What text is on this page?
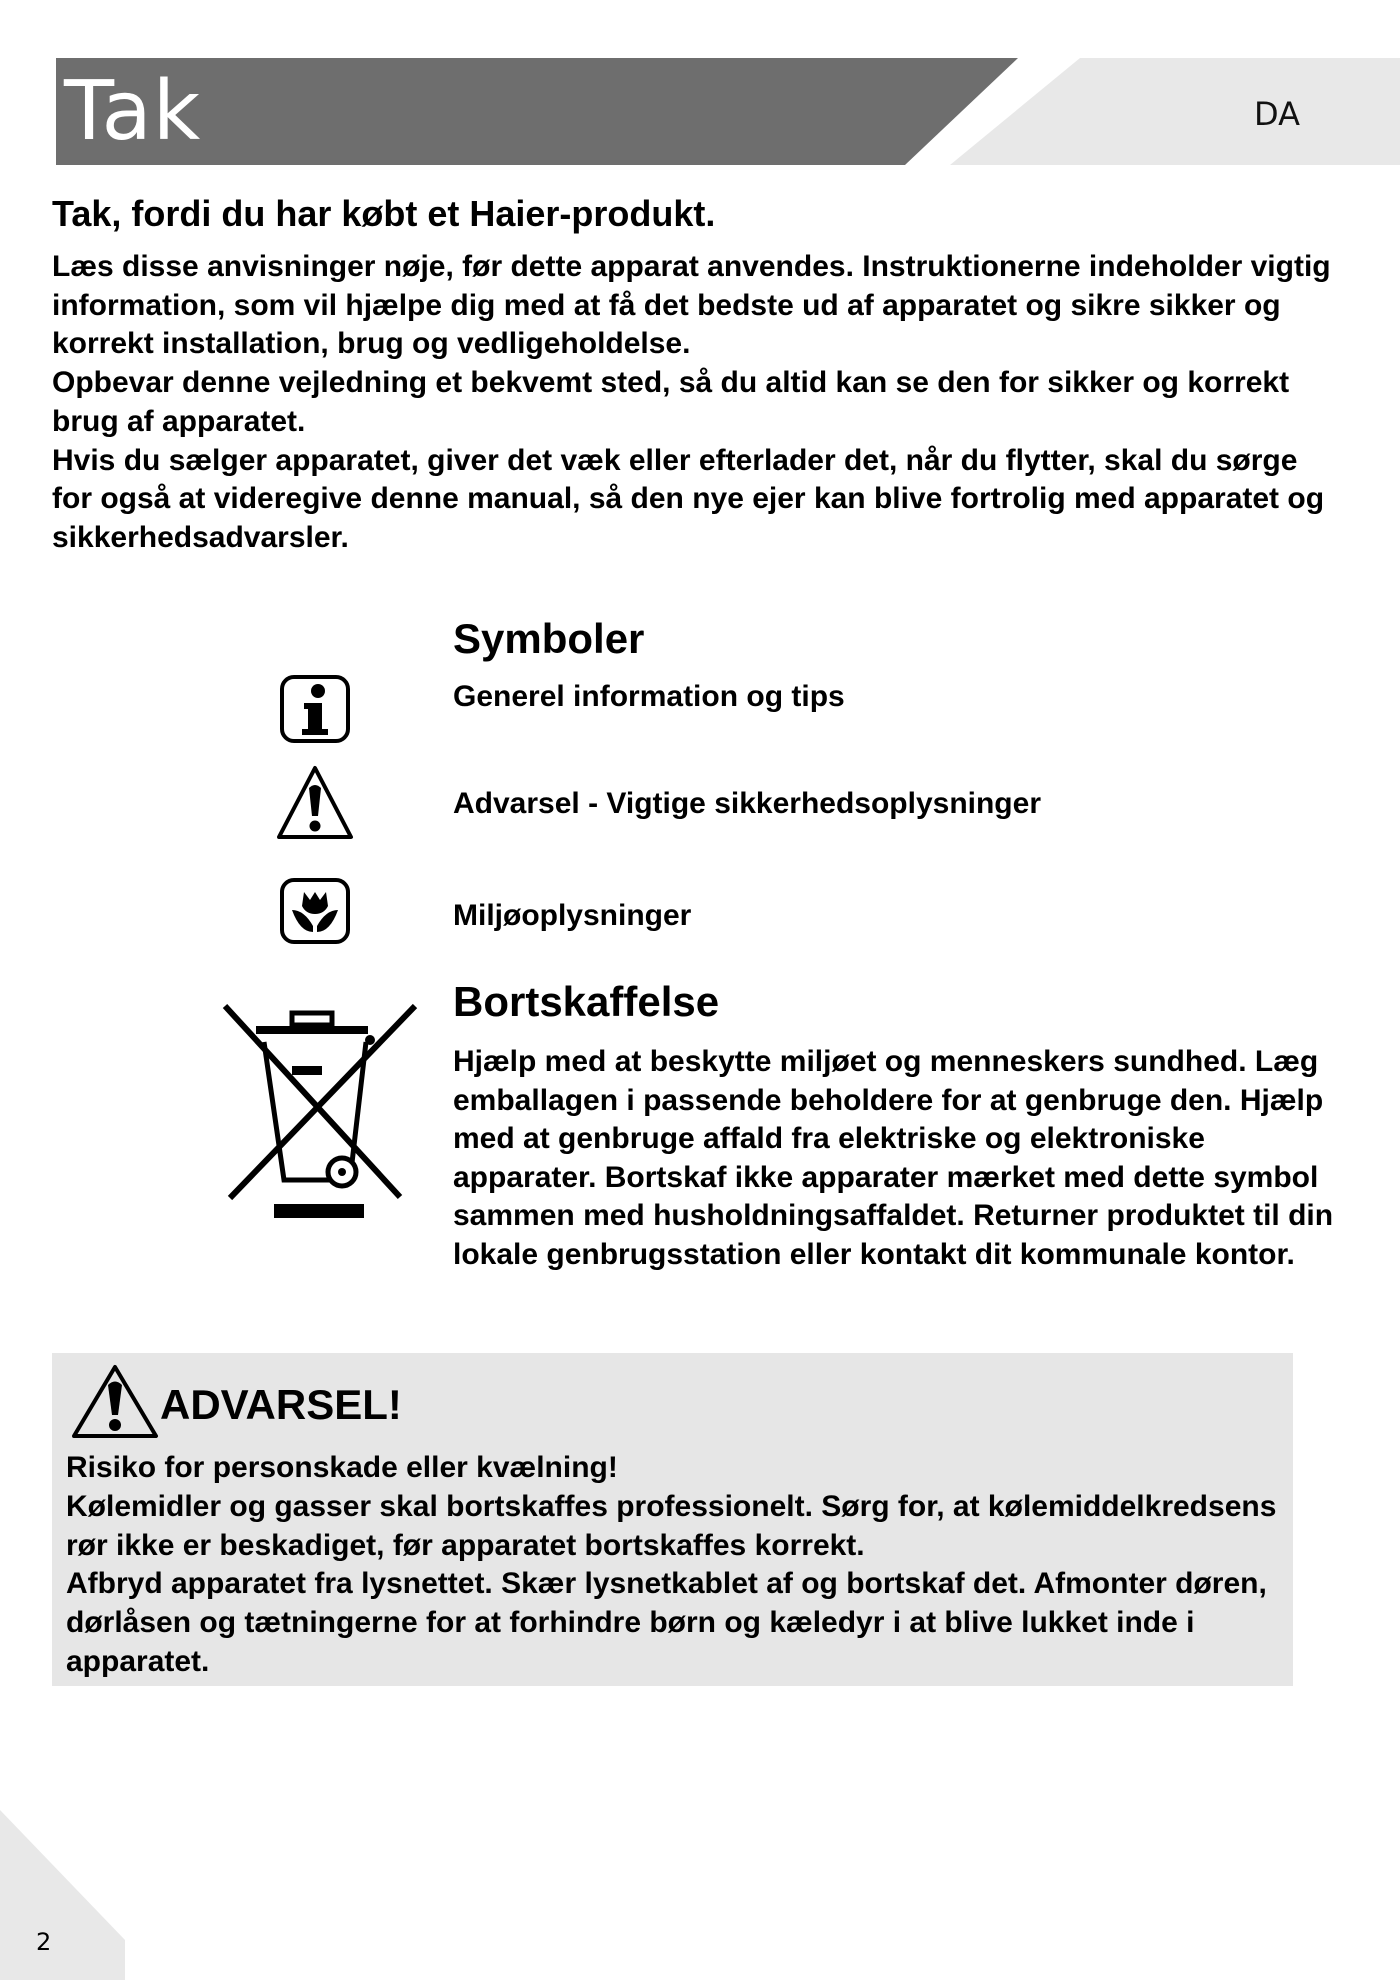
Tak	DA
Tak, fordi du har købt et Haier-produkt.

Læs disse anvisninger nøje, før dette apparat anvendes. Instruktionerne indeholder vigtig information, som vil hjælpe dig med at få det bedste ud af apparatet og sikre sikker og korrekt installation, brug og vedligeholdelse.

Opbevar denne vejledning et bekvemt sted, så du altid kan se den for sikker og korrekt brug af apparatet.

Hvis du sælger apparatet, giver det væk eller efterlader det, når du flytter, skal du sørge for også at videregive denne manual, så den nye ejer kan blive fortrolig med apparatet og sikkerhedsadvarsler.

Symboler
Generel information og tips
Advarsel - Vigtige sikkerhedsoplysninger
Miljøoplysninger
Bortskaffelse

Hjælp med at beskytte miljøet og menneskers sundhed. Læg emballagen i passende beholdere for at genbruge den. Hjælp med at genbruge affald fra elektriske og elektroniske apparater. Bortskaf ikke apparater mærket med dette symbol sammen med husholdningsaffaldet. Returner produktet til din lokale genbrugsstation eller kontakt dit kommunale kontor.

ADVARSEL!

Risiko for personskade eller kvælning!

Kølemidler og gasser skal bortskaffes professionelt. Sørg for, at kølemiddelkredsens rør ikke er beskadiget, før apparatet bortskaffes korrekt.

Afbryd apparatet fra lysnettet. Skær lysnetkablet af og bortskaf det. Afmonter døren, dørlåsen og tætningerne for at forhindre børn og kæledyr i at blive lukket inde i apparatet.

2
